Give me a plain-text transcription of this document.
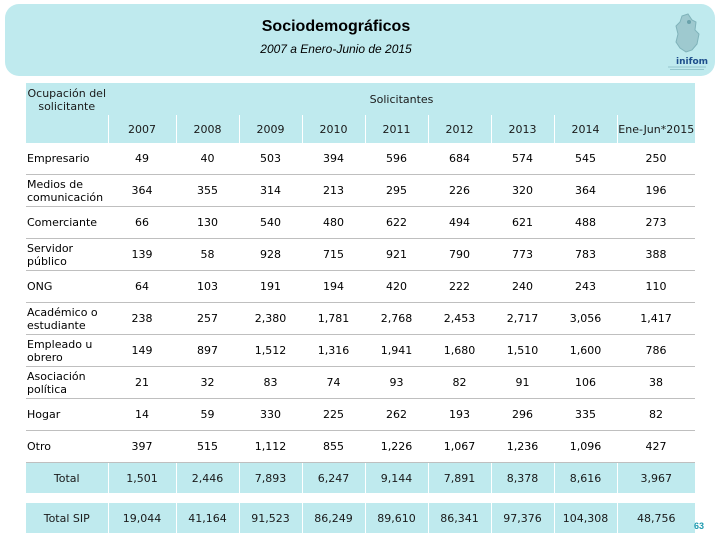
Sociodemográficos
2007 a Enero-Junio de 2015
inifom
Ocupación del solicitante	Solicitantes								
	2007	2008	2009	2010	2011	2012	2013	2014	Ene-Jun*2015
Empresario	49	40	503	394	596	684	574	545	250
Medios de comunicación	364	355	314	213	295	226	320	364	196
Comerciante	66	130	540	480	622	494	621	488	273
Servidor público	139	58	928	715	921	790	773	783	388
ONG	64	103	191	194	420	222	240	243	110
Académico o estudiante	238	257	2,380	1,781	2,768	2,453	2,717	3,056	1,417
Empleado u obrero	149	897	1,512	1,316	1,941	1,680	1,510	1,600	786
Asociación política	21	32	83	74	93	82	91	106	38
Hogar	14	59	330	225	262	193	296	335	82
Otro	397	515	1,112	855	1,226	1,067	1,236	1,096	427
Total	1,501	2,446	7,893	6,247	9,144	7,891	8,378	8,616	3,967

Total SIP	19,044	41,164	91,523	86,249	89,610	86,341	97,376	104,308	48,756
63
